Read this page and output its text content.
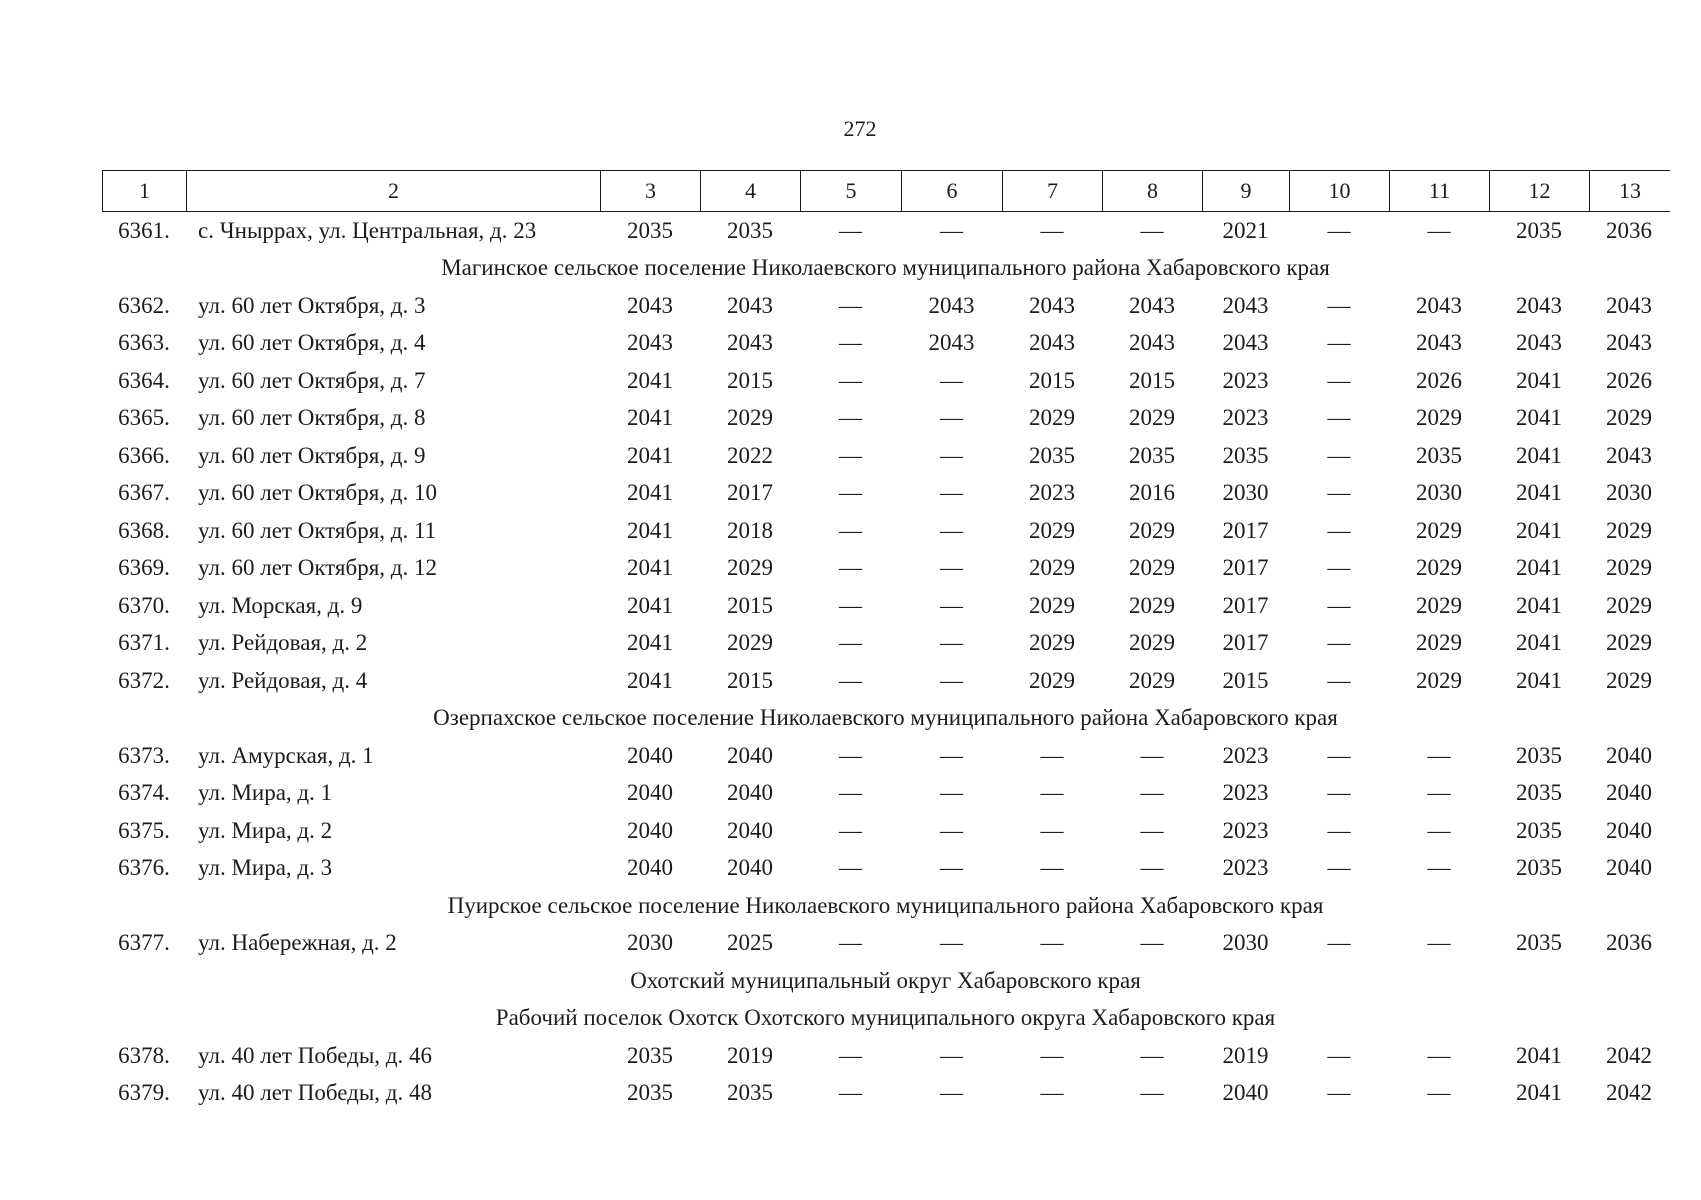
272
1	2	3	4	5	6	7	8	9	10	11	12	13
6361.	с. Чныррах, ул. Центральная, д. 23	2035	2035	—	—	—	—	2021	—	—	2035	2036
Магинское сельское поселение Николаевского муниципального района Хабаровского края
6362.	ул. 60 лет Октября, д. 3	2043	2043	—	2043	2043	2043	2043	—	2043	2043	2043
6363.	ул. 60 лет Октября, д. 4	2043	2043	—	2043	2043	2043	2043	—	2043	2043	2043
6364.	ул. 60 лет Октября, д. 7	2041	2015	—	—	2015	2015	2023	—	2026	2041	2026
6365.	ул. 60 лет Октября, д. 8	2041	2029	—	—	2029	2029	2023	—	2029	2041	2029
6366.	ул. 60 лет Октября, д. 9	2041	2022	—	—	2035	2035	2035	—	2035	2041	2043
6367.	ул. 60 лет Октября, д. 10	2041	2017	—	—	2023	2016	2030	—	2030	2041	2030
6368.	ул. 60 лет Октября, д. 11	2041	2018	—	—	2029	2029	2017	—	2029	2041	2029
6369.	ул. 60 лет Октября, д. 12	2041	2029	—	—	2029	2029	2017	—	2029	2041	2029
6370.	ул. Морская, д. 9	2041	2015	—	—	2029	2029	2017	—	2029	2041	2029
6371.	ул. Рейдовая, д. 2	2041	2029	—	—	2029	2029	2017	—	2029	2041	2029
6372.	ул. Рейдовая, д. 4	2041	2015	—	—	2029	2029	2015	—	2029	2041	2029
Озерпахское сельское поселение Николаевского муниципального района Хабаровского края
6373.	ул. Амурская, д. 1	2040	2040	—	—	—	—	2023	—	—	2035	2040
6374.	ул. Мира, д. 1	2040	2040	—	—	—	—	2023	—	—	2035	2040
6375.	ул. Мира, д. 2	2040	2040	—	—	—	—	2023	—	—	2035	2040
6376.	ул. Мира, д. 3	2040	2040	—	—	—	—	2023	—	—	2035	2040
Пуирское сельское поселение Николаевского муниципального района Хабаровского края
6377.	ул. Набережная, д. 2	2030	2025	—	—	—	—	2030	—	—	2035	2036
Охотский муниципальный округ Хабаровского края
Рабочий поселок Охотск Охотского муниципального округа Хабаровского края
6378.	ул. 40 лет Победы, д. 46	2035	2019	—	—	—	—	2019	—	—	2041	2042
6379.	ул. 40 лет Победы, д. 48	2035	2035	—	—	—	—	2040	—	—	2041	2042
